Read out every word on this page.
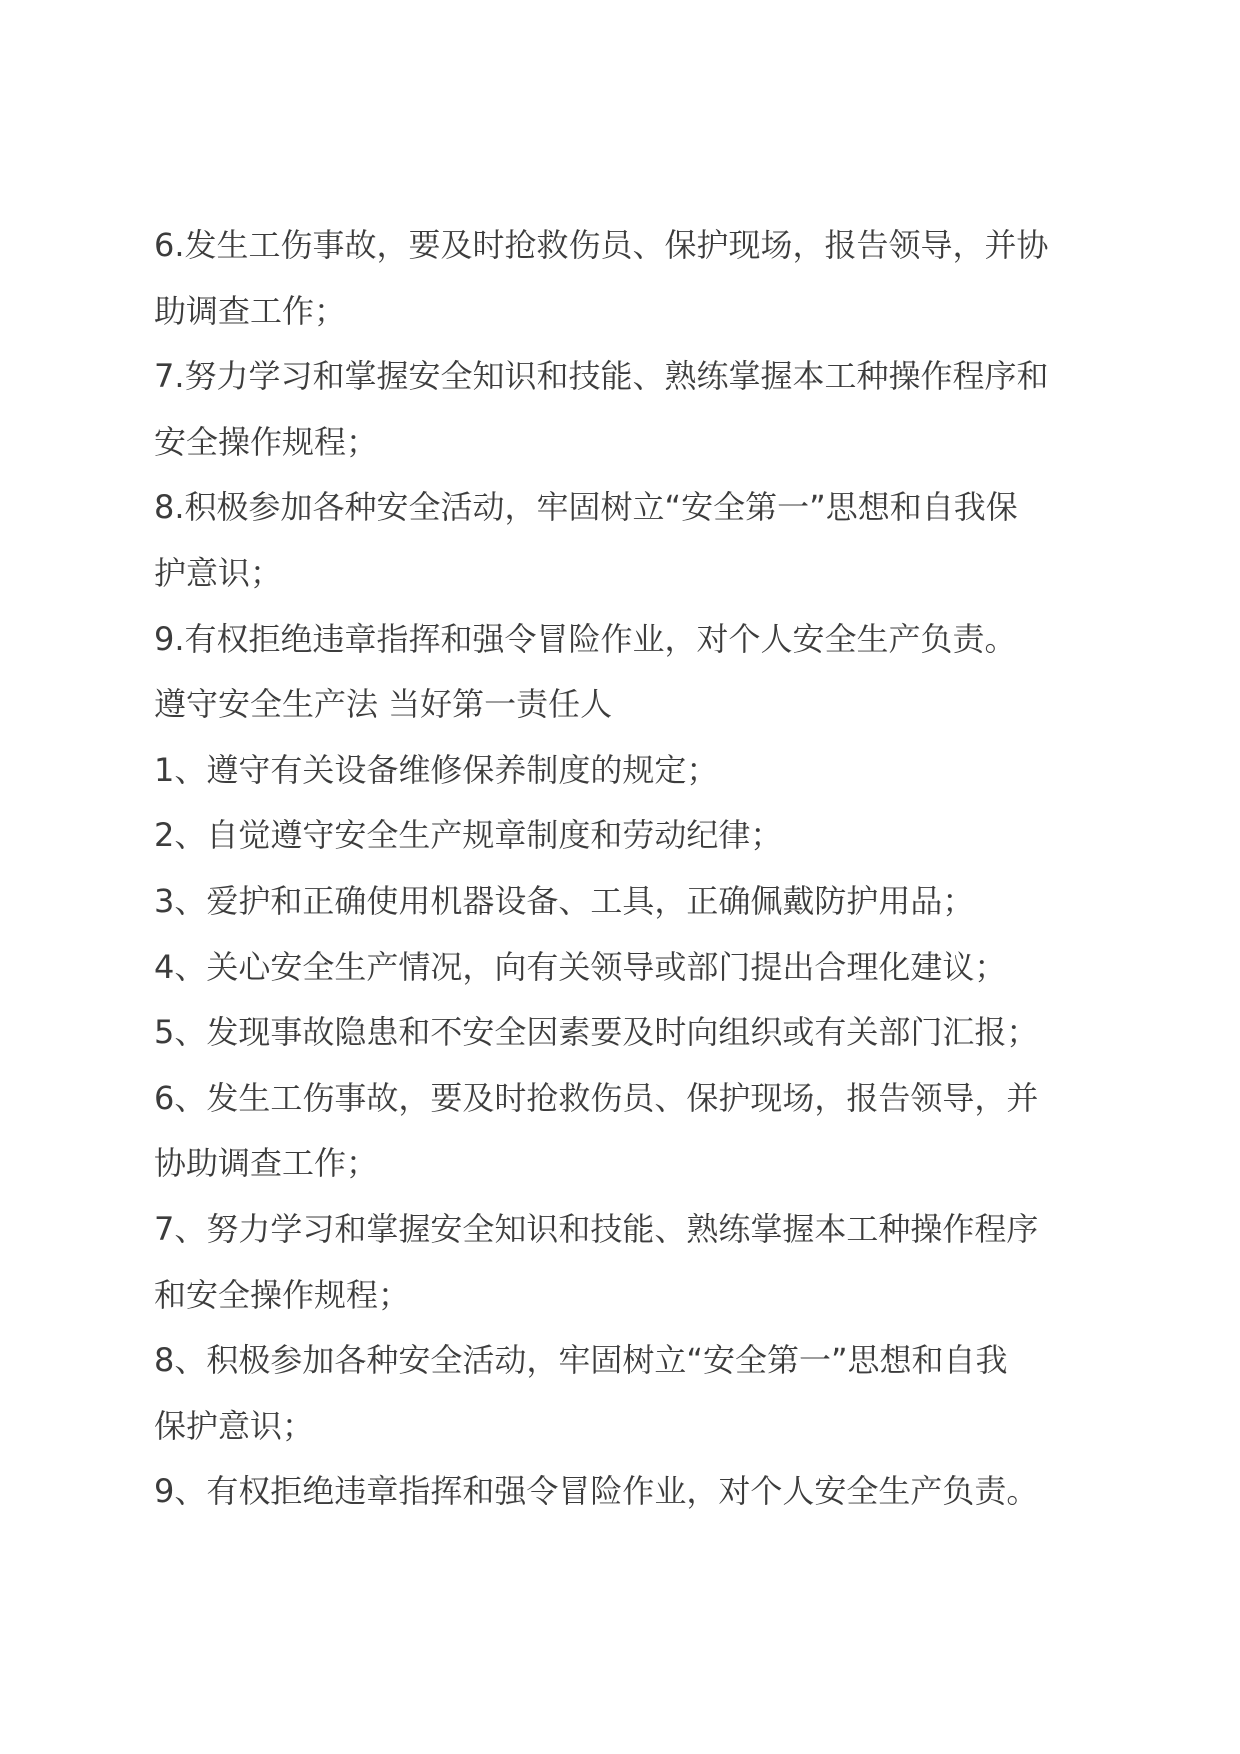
6.发生工伤事故，要及时抢救伤员、保护现场，报告领导，并协
助调查工作；
7.努力学习和掌握安全知识和技能、熟练掌握本工种操作程序和
安全操作规程；
8.积极参加各种安全活动，牢固树立“安全第一”思想和自我保
护意识；
9.有权拒绝违章指挥和强令冒险作业，对个人安全生产负责。
遵守安全生产法 当好第一责任人
1、遵守有关设备维修保养制度的规定；
2、自觉遵守安全生产规章制度和劳动纪律；
3、爱护和正确使用机器设备、工具，正确佩戴防护用品；
4、关心安全生产情况，向有关领导或部门提出合理化建议；
5、发现事故隐患和不安全因素要及时向组织或有关部门汇报；
6、发生工伤事故，要及时抢救伤员、保护现场，报告领导，并
协助调查工作；
7、努力学习和掌握安全知识和技能、熟练掌握本工种操作程序
和安全操作规程；
8、积极参加各种安全活动，牢固树立“安全第一”思想和自我
保护意识；
9、有权拒绝违章指挥和强令冒险作业，对个人安全生产负责。
